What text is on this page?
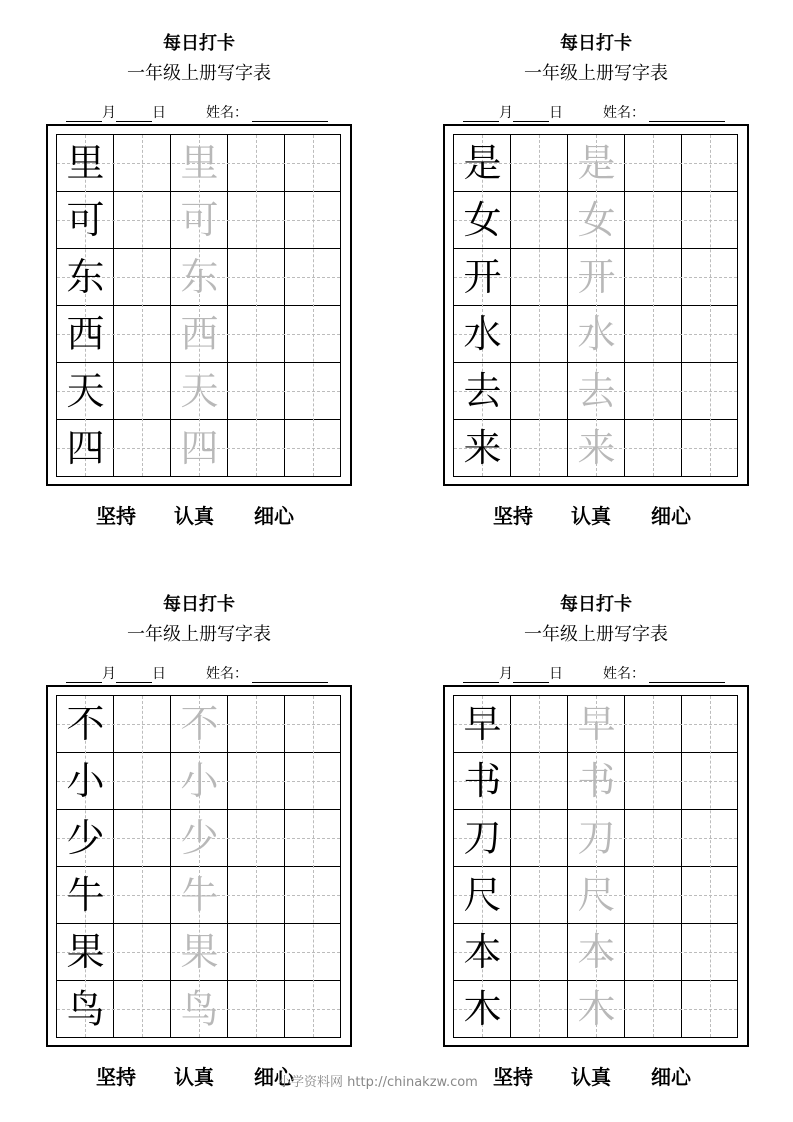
每日打卡
一年级上册写字表
月	日	姓名：
里 里
可 可
东 东
西 西
天 天
四 四
坚持 认真 细心
每日打卡
一年级上册写字表
月	日	姓名：
是 是
女 女
开 开
水 水
去 去
来 来
坚持 认真 细心
每日打卡
一年级上册写字表
月	日	姓名：
不 不
小 小
少 少
牛 牛
果 果
鸟 鸟
坚持 认真 细心
每日打卡
一年级上册写字表
月	日	姓名：
早 早
书 书
刀 刀
尺 尺
本 本
木 木
坚持 认真 细心
小学资料网 http://chinakzw.com
